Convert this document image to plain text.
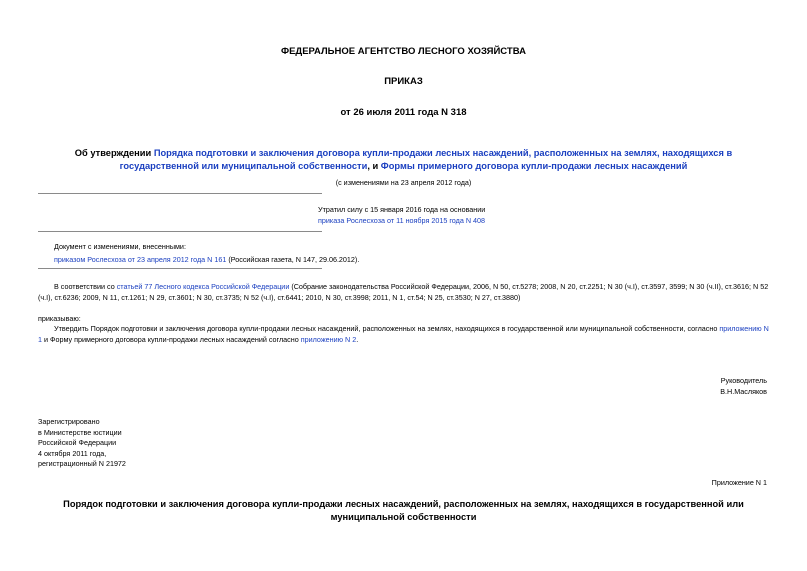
ФЕДЕРАЛЬНОЕ АГЕНТСТВО ЛЕСНОГО ХОЗЯЙСТВА
ПРИКАЗ
от 26 июля 2011 года N 318
Об утверждении Порядка подготовки и заключения договора купли-продажи лесных насаждений, расположенных на землях, находящихся в государственной или муниципальной собственности, и Формы примерного договора купли-продажи лесных насаждений
(с изменениями на 23 апреля 2012 года)
Утратил силу с 15 января 2016 года на основании
приказа Рослесхоза от 11 ноября 2015 года N 408
Документ с изменениями, внесенными:
приказом Рослесхоза от 23 апреля 2012 года N 161 (Российская газета, N 147, 29.06.2012).
В соответствии со статьей 77 Лесного кодекса Российской Федерации (Собрание законодательства Российской Федерации, 2006, N 50, ст.5278; 2008, N 20, ст.2251; N 30 (ч.I), ст.3597, 3599; N 30 (ч.II), ст.3616; N 52 (ч.I), ст.6236; 2009, N 11, ст.1261; N 29, ст.3601; N 30, ст.3735; N 52 (ч.I), ст.6441; 2010, N 30, ст.3998; 2011, N 1, ст.54; N 25, ст.3530; N 27, ст.3880)
приказываю:
Утвердить Порядок подготовки и заключения договора купли-продажи лесных насаждений, расположенных на землях, находящихся в государственной или муниципальной собственности, согласно приложению N 1 и Форму примерного договора купли-продажи лесных насаждений согласно приложению N 2.
Руководитель
В.Н.Масляков
Зарегистрировано
в Министерстве юстиции
Российской Федерации
4 октября 2011 года,
регистрационный N 21972
Приложение N 1
Порядок подготовки и заключения договора купли-продажи лесных насаждений, расположенных на землях, находящихся в государственной или муниципальной собственности
